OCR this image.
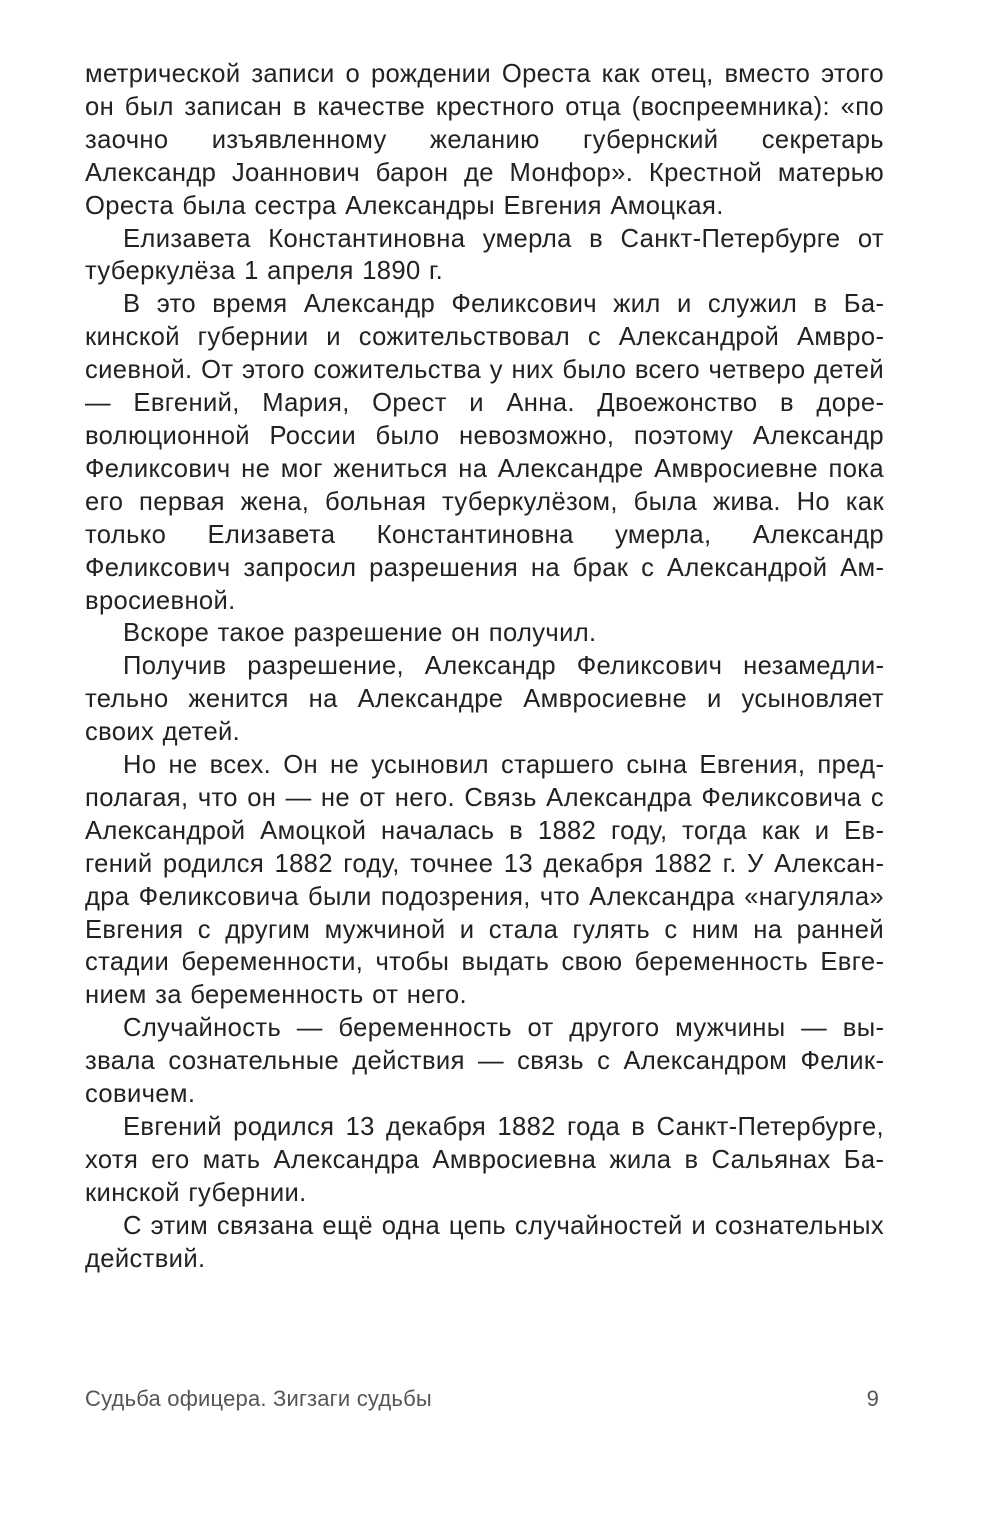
метрической записи о рождении Ореста как отец, вместо этого он был записан в качестве крестного отца (воспреемника): «по заочно изъявленному желанию губернский секретарь Александр Јоаннович барон де Монфор». Крестной матерью Ореста была сестра Александры Евгения Амоцкая.

Елизавета Константиновна умерла в Санкт-Петербурге от туберкулёза 1 апреля 1890 г.

В это время Александр Феликсович жил и служил в Бакинской губернии и сожительствовал с Александрой Амвросиевной. От этого сожительства у них было всего четверо детей — Евгений, Мария, Орест и Анна. Двоежонство в дореволюционной России было невозможно, поэтому Александр Феликсович не мог жениться на Александре Амвросиевне пока его первая жена, больная туберкулёзом, была жива. Но как только Елизавета Константиновна умерла, Александр Феликсович запросил разрешения на брак с Александрой Амвросиевной.

Вскоре такое разрешение он получил.

Получив разрешение, Александр Феликсович незамедлительно женится на Александре Амвросиевне и усыновляет своих детей.

Но не всех. Он не усыновил старшего сына Евгения, предполагая, что он — не от него. Связь Александра Феликсовича с Александрой Амоцкой началась в 1882 году, тогда как и Евгений родился 1882 году, точнее 13 декабря 1882 г. У Александра Феликсовича были подозрения, что Александра «нагуляла» Евгения с другим мужчиной и стала гулять с ним на ранней стадии беременности, чтобы выдать свою беременность Евгением за беременность от него.

Случайность — беременность от другого мужчины — вызвала сознательные действия — связь с Александром Феликсовичем.

Евгений родился 13 декабря 1882 года в Санкт-Петербурге, хотя его мать Александра Амвросиевна жила в Сальянах Бакинской губернии.

С этим связана ещё одна цепь случайностей и сознательных действий.

Судьба офицера. Зигзаги судьбы	9
